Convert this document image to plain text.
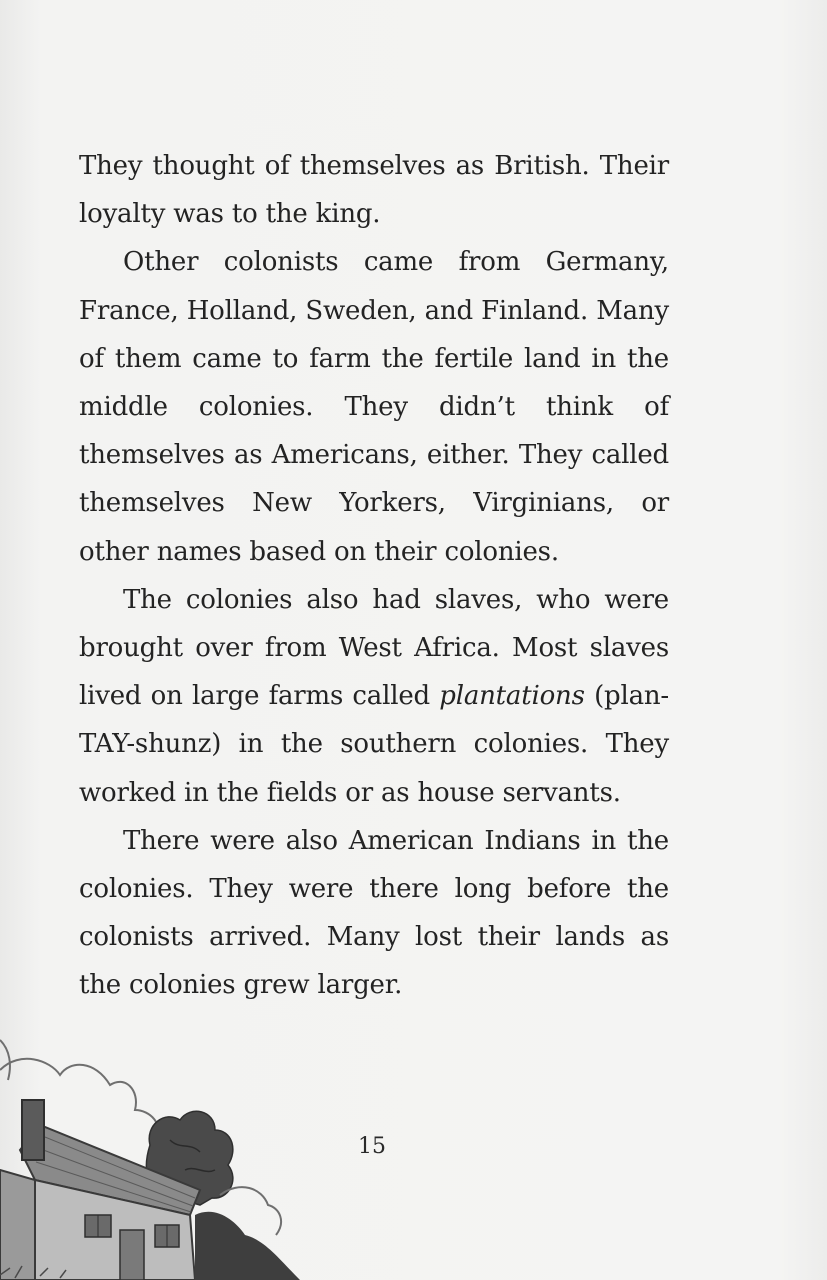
They thought of themselves as British. Their loyalty was to the king.

Other colonists came from Germany, France, Holland, Sweden, and Finland. Many of them came to farm the fertile land in the middle colonies. They didn’t think of themselves as Americans, either. They called themselves New Yorkers, Virginians, or other names based on their colonies.

The colonies also had slaves, who were brought over from West Africa. Most slaves lived on large farms called plantations (plan-TAY-shunz) in the southern colonies. They worked in the fields or as house servants.

There were also American Indians in the colonies. They were there long before the colonists arrived. Many lost their lands as the colonies grew larger.

15
